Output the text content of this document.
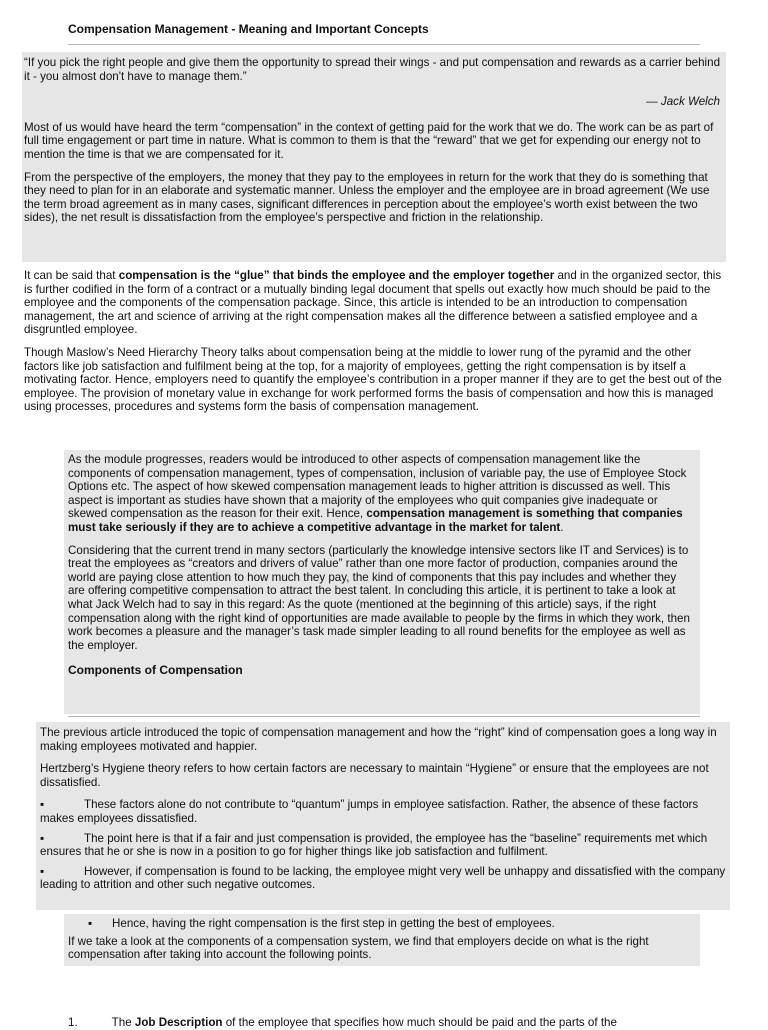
Compensation Management - Meaning and Important Concepts

“If you pick the right people and give them the opportunity to spread their wings - and put compensation and rewards as a carrier behind it - you almost don't have to manage them.”

— Jack Welch

Most of us would have heard the term “compensation” in the context of getting paid for the work that we do. The work can be as part of full time engagement or part time in nature. What is common to them is that the “reward” that we get for expending our energy not to mention the time is that we are compensated for it.

From the perspective of the employers, the money that they pay to the employees in return for the work that they do is something that they need to plan for in an elaborate and systematic manner. Unless the employer and the employee are in broad agreement (We use the term broad agreement as in many cases, significant differences in perception about the employee’s worth exist between the two sides), the net result is dissatisfaction from the employee’s perspective and friction in the relationship.

It can be said that compensation is the “glue” that binds the employee and the employer together and in the organized sector, this is further codified in the form of a contract or a mutually binding legal document that spells out exactly how much should be paid to the employee and the components of the compensation package. Since, this article is intended to be an introduction to compensation management, the art and science of arriving at the right compensation makes all the difference between a satisfied employee and a disgruntled employee.

Though Maslow’s Need Hierarchy Theory talks about compensation being at the middle to lower rung of the pyramid and the other factors like job satisfaction and fulfilment being at the top, for a majority of employees, getting the right compensation is by itself a motivating factor. Hence, employers need to quantify the employee’s contribution in a proper manner if they are to get the best out of the employee. The provision of monetary value in exchange for work performed forms the basis of compensation and how this is managed using processes, procedures and systems form the basis of compensation management.

As the module progresses, readers would be introduced to other aspects of compensation management like the components of compensation management, types of compensation, inclusion of variable pay, the use of Employee Stock Options etc. The aspect of how skewed compensation management leads to higher attrition is discussed as well. This aspect is important as studies have shown that a majority of the employees who quit companies give inadequate or skewed compensation as the reason for their exit. Hence, compensation management is something that companies must take seriously if they are to achieve a competitive advantage in the market for talent.

Considering that the current trend in many sectors (particularly the knowledge intensive sectors like IT and Services) is to treat the employees as “creators and drivers of value” rather than one more factor of production, companies around the world are paying close attention to how much they pay, the kind of components that this pay includes and whether they are offering competitive compensation to attract the best talent. In concluding this article, it is pertinent to take a look at what Jack Welch had to say in this regard: As the quote (mentioned at the beginning of this article) says, if the right compensation along with the right kind of opportunities are made available to people by the firms in which they work, then work becomes a pleasure and the manager’s task made simpler leading to all round benefits for the employee as well as the employer.

Components of Compensation

The previous article introduced the topic of compensation management and how the “right” kind of compensation goes a long way in making employees motivated and happier.

Hertzberg’s Hygiene theory refers to how certain factors are necessary to maintain “Hygiene” or ensure that the employees are not dissatisfied.

▪	These factors alone do not contribute to “quantum” jumps in employee satisfaction. Rather, the absence of these factors makes employees dissatisfied.

▪	The point here is that if a fair and just compensation is provided, the employee has the “baseline” requirements met which ensures that he or she is now in a position to go for higher things like job satisfaction and fulfilment.

▪	However, if compensation is found to be lacking, the employee might very well be unhappy and dissatisfied with the company leading to attrition and other such negative outcomes.

▪ Hence, having the right compensation is the first step in getting the best of employees.

If we take a look at the components of a compensation system, we find that employers decide on what is the right compensation after taking into account the following points.

1.	The Job Description of the employee that specifies how much should be paid and the parts of the
